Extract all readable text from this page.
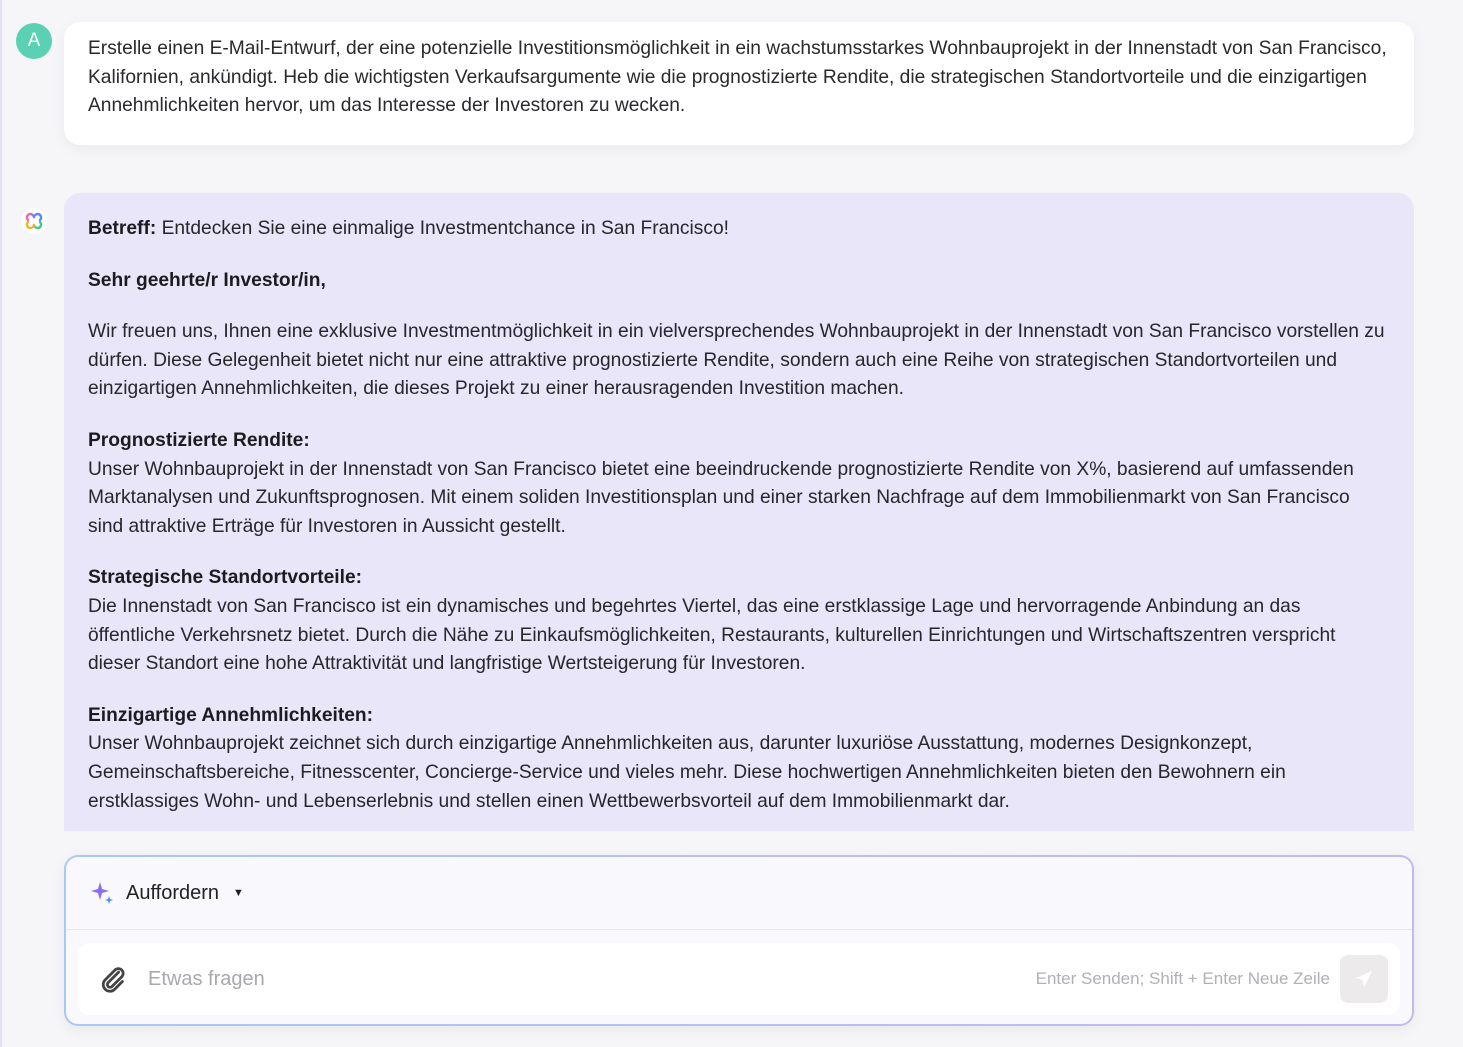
A	Erstelle einen E-Mail-Entwurf, der eine potenzielle Investitionsmöglichkeit in ein wachstumsstarkes Wohnbauprojekt in der Innenstadt von San Francisco, Kalifornien, ankündigt. Heb die wichtigsten Verkaufsargumente wie die prognostizierte Rendite, die strategischen Standortvorteile und die einzigartigen Annehmlichkeiten hervor, um das Interesse der Investoren zu wecken.

Betreff: Entdecken Sie eine einmalige Investmentchance in San Francisco!

Sehr geehrte/r Investor/in,

Wir freuen uns, Ihnen eine exklusive Investmentmöglichkeit in ein vielversprechendes Wohnbauprojekt in der Innenstadt von San Francisco vorstellen zu dürfen. Diese Gelegenheit bietet nicht nur eine attraktive prognostizierte Rendite, sondern auch eine Reihe von strategischen Standortvorteilen und einzigartigen Annehmlichkeiten, die dieses Projekt zu einer herausragenden Investition machen.

Prognostizierte Rendite:
Unser Wohnbauprojekt in der Innenstadt von San Francisco bietet eine beeindruckende prognostizierte Rendite von X%, basierend auf umfassenden Marktanalysen und Zukunftsprognosen. Mit einem soliden Investitionsplan und einer starken Nachfrage auf dem Immobilienmarkt von San Francisco sind attraktive Erträge für Investoren in Aussicht gestellt.

Strategische Standortvorteile:
Die Innenstadt von San Francisco ist ein dynamisches und begehrtes Viertel, das eine erstklassige Lage und hervorragende Anbindung an das öffentliche Verkehrsnetz bietet. Durch die Nähe zu Einkaufsmöglichkeiten, Restaurants, kulturellen Einrichtungen und Wirtschaftszentren verspricht dieser Standort eine hohe Attraktivität und langfristige Wertsteigerung für Investoren.

Einzigartige Annehmlichkeiten:
Unser Wohnbauprojekt zeichnet sich durch einzigartige Annehmlichkeiten aus, darunter luxuriöse Ausstattung, modernes Designkonzept, Gemeinschaftsbereiche, Fitnesscenter, Concierge-Service und vieles mehr. Diese hochwertigen Annehmlichkeiten bieten den Bewohnern ein erstklassiges Wohn- und Lebenserlebnis und stellen einen Wettbewerbsvorteil auf dem Immobilienmarkt dar.

Auffordern ▼
Etwas fragen
Enter Senden; Shift + Enter Neue Zeile
